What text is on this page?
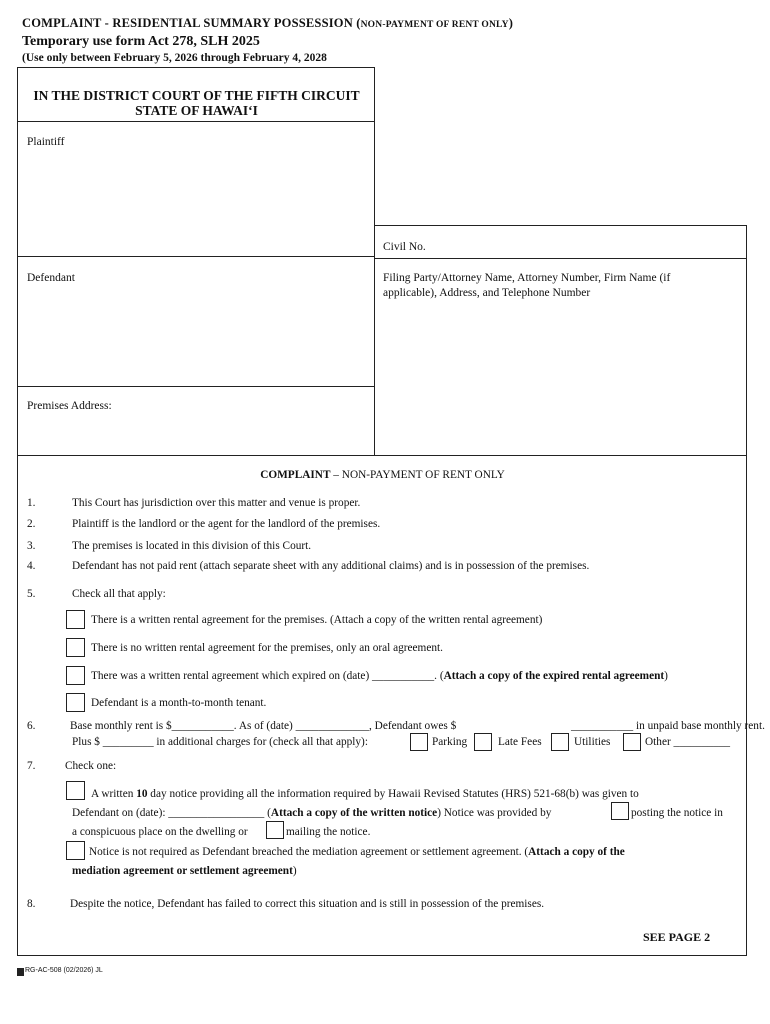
COMPLAINT - RESIDENTIAL SUMMARY POSSESSION (NON-PAYMENT OF RENT ONLY)
Temporary use form Act 278, SLH 2025
(Use only between February 5, 2026 through February 4, 2028
IN THE DISTRICT COURT OF THE FIFTH CIRCUIT
STATE OF HAWAI‘I
Plaintiff
Civil No.
Defendant	Filing Party/Attorney Name, Attorney Number, Firm Name (if
applicable), Address, and Telephone Number
Premises Address:
COMPLAINT – NON-PAYMENT OF RENT ONLY
1.	This Court has jurisdiction over this matter and venue is proper.
2.	Plaintiff is the landlord or the agent for the landlord of the premises.
3.	The premises is located in this division of this Court.
4.	Defendant has not paid rent (attach separate sheet with any additional claims) and is in possession of the premises.
5.	Check all that apply:
There is a written rental agreement for the premises. (Attach a copy of the written rental agreement)
There is no written rental agreement for the premises, only an oral agreement.
There was a written rental agreement which expired on (date) ___________. (Attach a copy of the expired rental agreement)
Defendant is a month-to-month tenant.
6.	Base monthly rent is $___________. As of (date) _____________, Defendant owes $	___________ in unpaid base monthly rent.
Plus $ _________ in additional charges for (check all that apply):	Parking	Late Fees	Utilities	Other __________
7.	Check one:
A written 10 day notice providing all the information required by Hawaii Revised Statutes (HRS) 521-68(b) was given to
Defendant on (date): _________________ (Attach a copy of the written notice) Notice was provided by	posting the notice in
a conspicuous place on the dwelling or	mailing the notice.
Notice is not required as Defendant breached the mediation agreement or settlement agreement. (Attach a copy of the
mediation agreement or settlement agreement)
8.	Despite the notice, Defendant has failed to correct this situation and is still in possession of the premises.
SEE PAGE 2
RG-AC-508 (02/2026) JL
